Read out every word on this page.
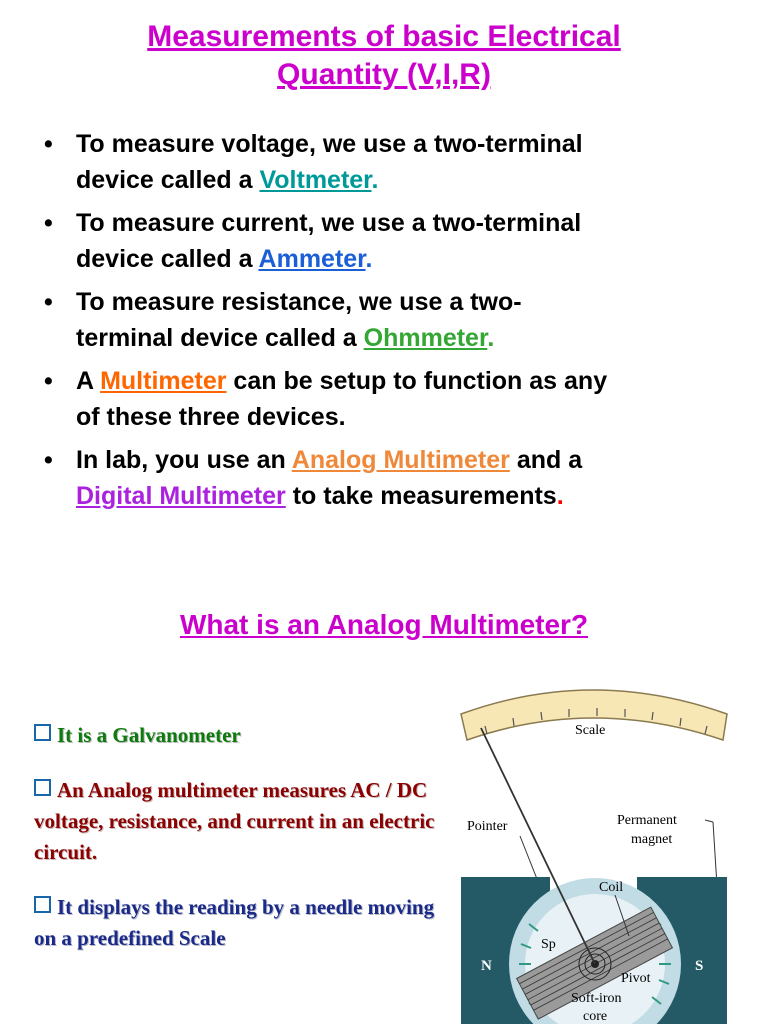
Measurements of basic Electrical
Quantity (V,I,R)
• To measure voltage, we use a two-terminal
device called a Voltmeter.
• To measure current, we use a two-terminal
device called a Ammeter.
• To measure resistance, we use a two-
terminal device called a Ohmmeter.
• A Multimeter can be setup to function as any
of these three devices.
• In lab, you use an Analog Multimeter and a
Digital Multimeter to take measurements.
What is an Analog Multimeter?

It is a Galvanometer

An Analog multimeter measures AC / DC voltage, resistance, and current in an electric circuit.

It displays the reading by a needle moving on a predefined Scale

Scale
Pointer	Permanent
magnet
Coil
Sp
Pivot
Soft-iron
core
N	S
